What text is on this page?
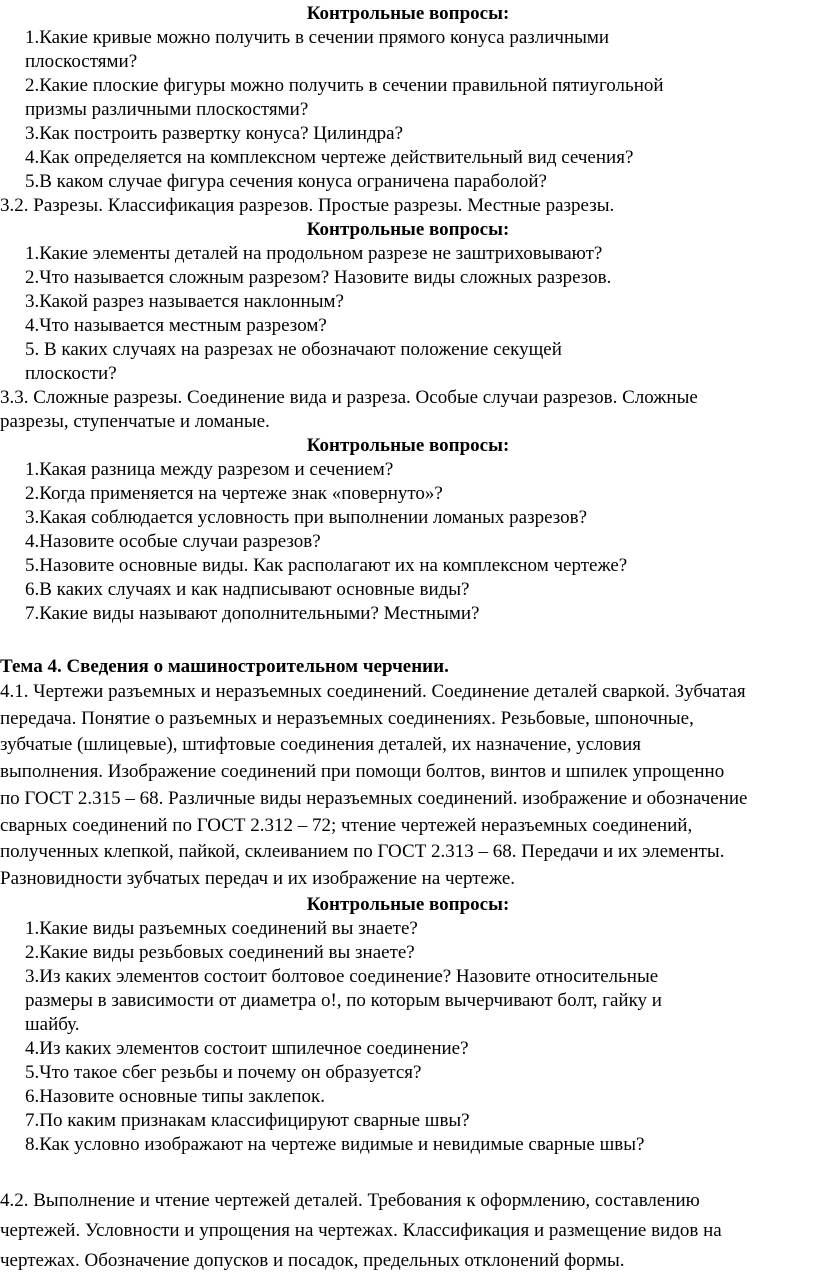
Контрольные вопросы:
1.Какие кривые можно получить в сечении прямого конуса различными
плоскостями?
2.Какие плоские фигуры можно получить в сечении правильной пятиугольной
призмы различными плоскостями?
3.Как построить развертку конуса? Цилиндра?
4.Как определяется на комплексном чертеже действительный вид сечения?
5.В каком случае фигура сечения конуса ограничена параболой?
3.2. Разрезы. Классификация разрезов. Простые разрезы. Местные разрезы.
Контрольные вопросы:
1.Какие элементы деталей на продольном разрезе не заштриховывают?
2.Что называется сложным разрезом? Назовите виды сложных разрезов.
3.Какой разрез называется наклонным?
4.Что называется местным разрезом?
5. В каких случаях на разрезах не обозначают положение секущей
плоскости?
3.3. Сложные разрезы. Соединение вида и разреза. Особые случаи разрезов. Сложные
разрезы, ступенчатые и ломаные.
Контрольные вопросы:
1.Какая разница между разрезом и сечением?
2.Когда применяется на чертеже знак «повернуто»?
3.Какая соблюдается условность при выполнении ломаных разрезов?
4.Назовите особые случаи разрезов?
5.Назовите основные виды. Как располагают их на комплексном чертеже?
6.В каких случаях и как надписывают основные виды?
7.Какие виды называют дополнительными? Местными?
Тема 4. Сведения о машиностроительном черчении.
4.1. Чертежи разъемных и неразъемных соединений. Соединение деталей сваркой. Зубчатая
передача. Понятие о разъемных и неразъемных соединениях. Резьбовые, шпоночные,
зубчатые (шлицевые), штифтовые соединения деталей, их назначение, условия
выполнения. Изображение соединений при помощи болтов, винтов и шпилек упрощенно
по ГОСТ 2.315 – 68. Различные виды неразъемных соединений. изображение и обозначение
сварных соединений по ГОСТ 2.312 – 72; чтение чертежей неразъемных соединений,
полученных клепкой, пайкой, склеиванием по ГОСТ 2.313 – 68. Передачи и их элементы.
Разновидности зубчатых передач и их изображение на чертеже.
Контрольные вопросы:
1.Какие виды разъемных соединений вы знаете?
2.Какие виды резьбовых соединений вы знаете?
3.Из каких элементов состоит болтовое соединение? Назовите относительные
размеры в зависимости от диаметра о!, по которым вычерчивают болт, гайку и
шайбу.
4.Из каких элементов состоит шпилечное соединение?
5.Что такое сбег резьбы и почему он образуется?
6.Назовите основные типы заклепок.
7.По каким признакам классифицируют сварные швы?
8.Как условно изображают на чертеже видимые и невидимые сварные швы?
4.2. Выполнение и чтение чертежей деталей. Требования к оформлению, составлению
чертежей. Условности и упрощения на чертежах. Классификация и размещение видов на
чертежах. Обозначение допусков и посадок, предельных отклонений формы.
